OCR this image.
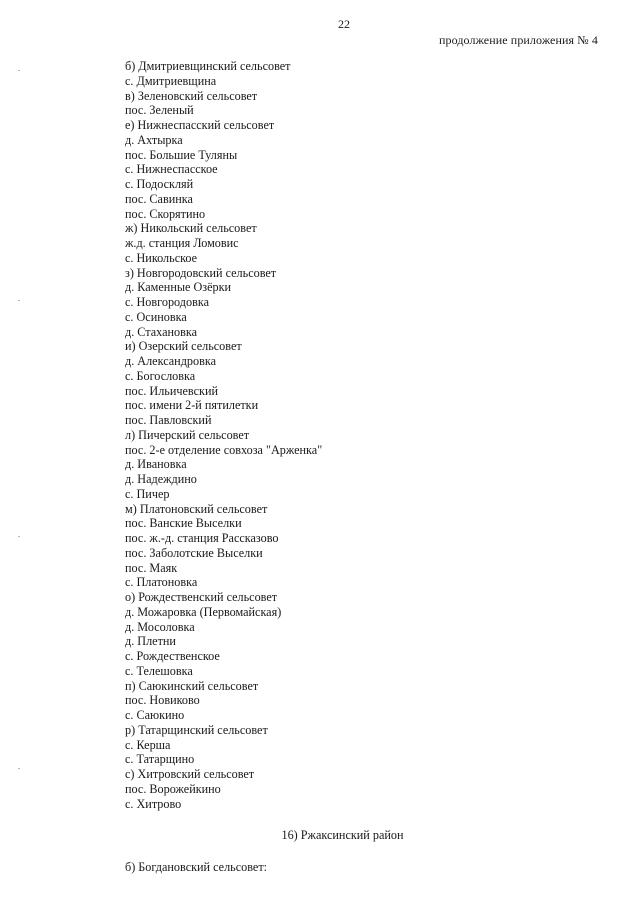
22
продолжение приложения № 4
б) Дмитриевщинский сельсовет
с. Дмитриевщина
в) Зеленовский сельсовет
пос. Зеленый
е) Нижнеспасский сельсовет
д. Ахтырка
пос. Большие Туляны
с. Нижнеспасское
с. Подоскляй
пос. Савинка
пос. Скорятино
ж) Никольский сельсовет
ж.д. станция Ломовис
с. Никольское
з) Новгородовский сельсовет
д. Каменные Озёрки
с. Новгородовка
с. Осиновка
д. Стахановка
и) Озерский сельсовет
д. Александровка
с. Богословка
пос. Ильичевский
пос. имени 2-й пятилетки
пос. Павловский
л) Пичерский сельсовет
пос. 2-е отделение совхоза "Арженка"
д. Ивановка
д. Надеждино
с. Пичер
м) Платоновский сельсовет
пос. Ванские Выселки
пос. ж.-д. станция Рассказово
пос. Заболотские Выселки
пос. Маяк
с. Платоновка
о) Рождественский сельсовет
д. Можаровка (Первомайская)
д. Мосоловка
д. Плетни
с. Рождественское
с. Телешовка
п) Саюкинский сельсовет
пос. Новиково
с. Саюкино
р) Татарщинский сельсовет
с. Керша
с. Татарщино
с) Хитровский сельсовет
пос. Ворожейкино
с. Хитрово
16) Ржаксинский район
б) Богдановский сельсовет:
